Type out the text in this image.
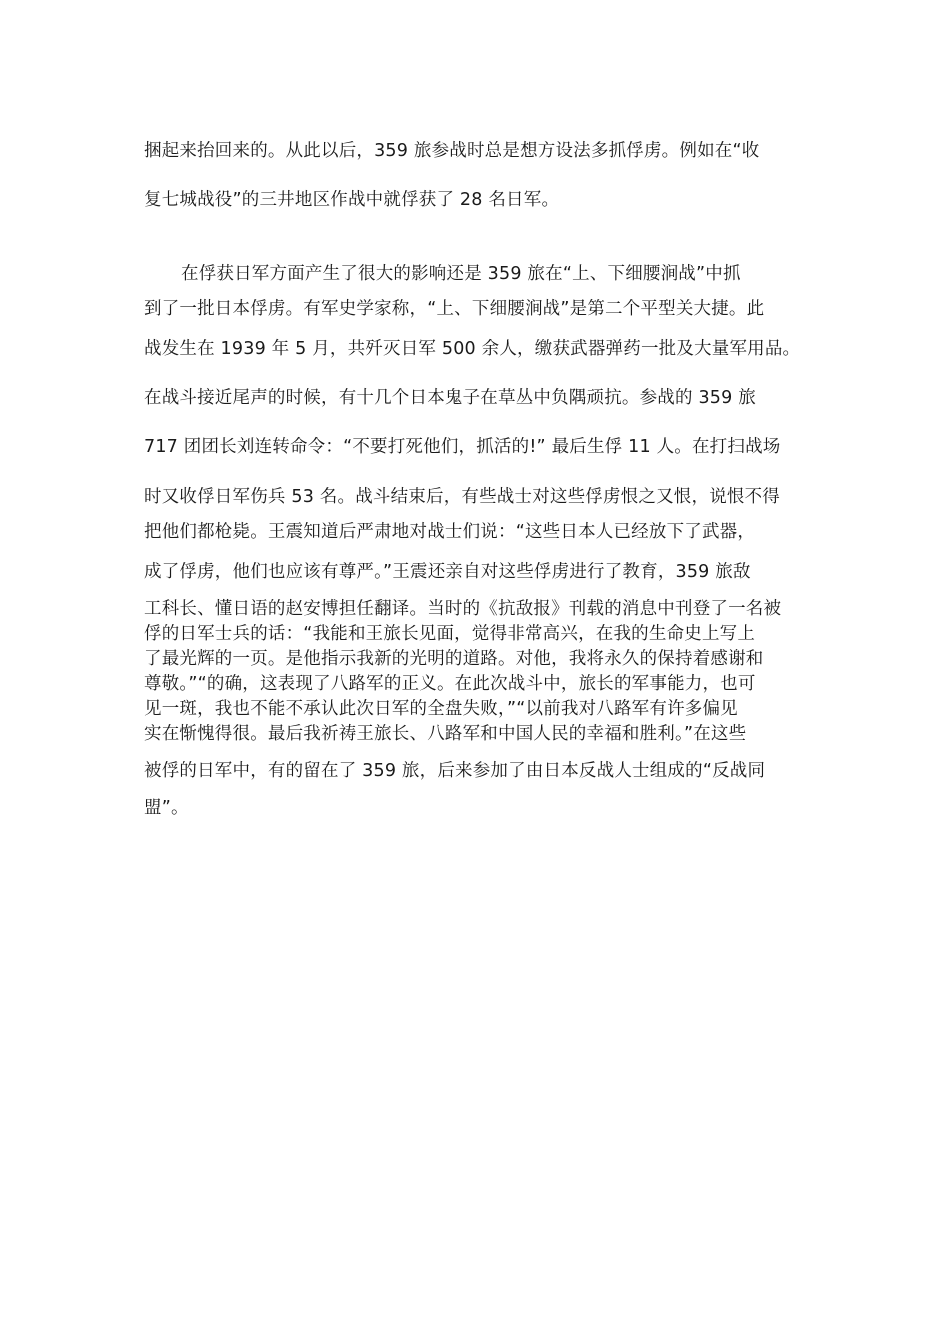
捆起来抬回来的。从此以后，359 旅参战时总是想方设法多抓俘虏。例如在“收
复七城战役”的三井地区作战中就俘获了 28 名日军。
在俘获日军方面产生了很大的影响还是 359 旅在“上、下细腰涧战”中抓
到了一批日本俘虏。有军史学家称，“上、下细腰涧战”是第二个平型关大捷。此
战发生在 1939 年 5 月，共歼灭日军 500 余人，缴获武器弹药一批及大量军用品。
在战斗接近尾声的时候，有十几个日本鬼子在草丛中负隅顽抗。参战的 359 旅
717 团团长刘连转命令：“不要打死他们，抓活的!” 最后生俘 11 人。在打扫战场
时又收俘日军伤兵 53 名。战斗结束后，有些战士对这些俘虏恨之又恨，说恨不得
把他们都枪毙。王震知道后严肃地对战士们说：“这些日本人已经放下了武器，
成了俘虏，他们也应该有尊严。”王震还亲自对这些俘虏进行了教育，359 旅敌
工科长、懂日语的赵安博担任翻译。当时的《抗敌报》刊载的消息中刊登了一名被
俘的日军士兵的话：“我能和王旅长见面，觉得非常高兴，在我的生命史上写上
了最光辉的一页。是他指示我新的光明的道路。对他，我将永久的保持着感谢和
尊敬。”“的确，这表现了八路军的正义。在此次战斗中，旅长的军事能力，也可
见一斑，我也不能不承认此次日军的全盘失败，”“以前我对八路军有许多偏见
实在惭愧得很。最后我祈祷王旅长、八路军和中国人民的幸福和胜利。”在这些
被俘的日军中，有的留在了 359 旅，后来参加了由日本反战人士组成的“反战同
盟”。
